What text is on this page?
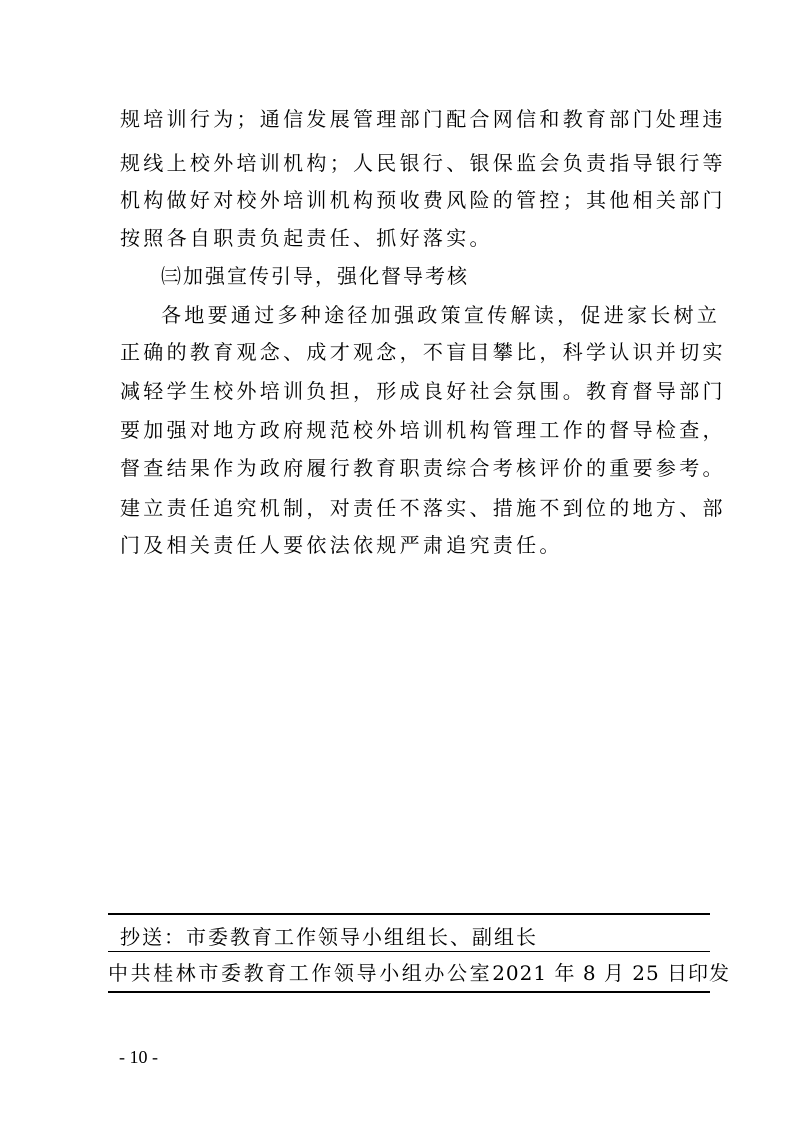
规培训行为；通信发展管理部门配合网信和教育部门处理违
规线上校外培训机构；人民银行、银保监会负责指导银行等
机构做好对校外培训机构预收费风险的管控；其他相关部门
按照各自职责负起责任、抓好落实。
㈢加强宣传引导，强化督导考核
各地要通过多种途径加强政策宣传解读，促进家长树立
正确的教育观念、成才观念，不盲目攀比，科学认识并切实
减轻学生校外培训负担，形成良好社会氛围。教育督导部门
要加强对地方政府规范校外培训机构管理工作的督导检查，
督查结果作为政府履行教育职责综合考核评价的重要参考。
建立责任追究机制，对责任不落实、措施不到位的地方、部
门及相关责任人要依法依规严肃追究责任。
抄送：市委教育工作领导小组组长、副组长
中共桂林市委教育工作领导小组办公室 2021 年 8 月 25 日印发
- 10 -
